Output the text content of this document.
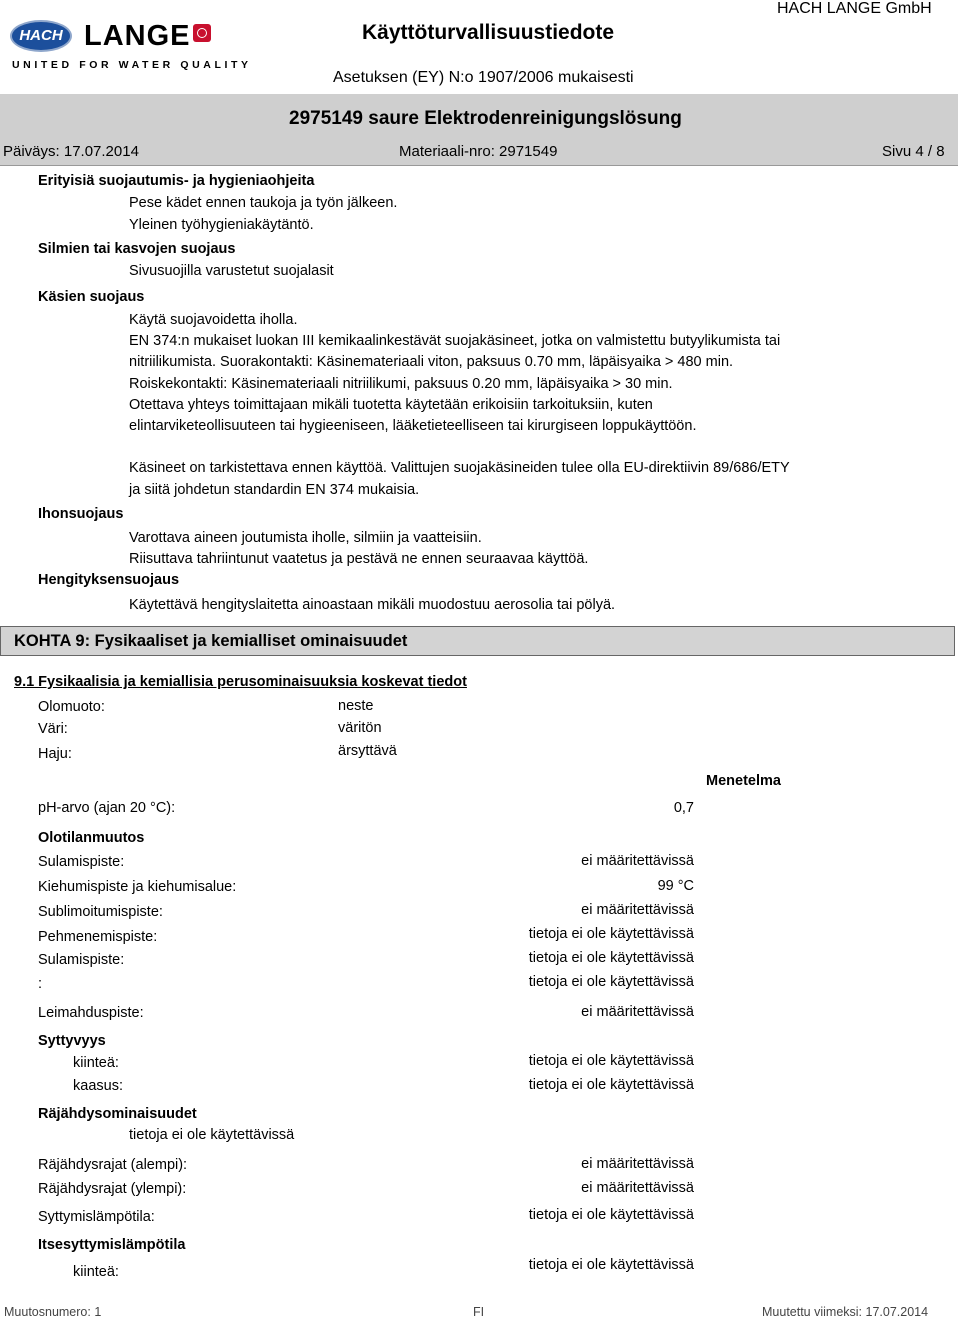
HACH LANGE
UNITED FOR WATER QUALITY
Käyttöturvallisuustiedote
HACH LANGE GmbH
Asetuksen (EY) N:o 1907/2006 mukaisesti
2975149 saure Elektrodenreinigungslösung
Päiväys: 17.07.2014	Materiaali-nro: 2971549	Sivu 4 / 8
Erityisiä suojautumis- ja hygieniaohjeita
Pese kädet ennen taukoja ja työn jälkeen.
Yleinen työhygieniakäytäntö.
Silmien tai kasvojen suojaus
Sivusuojilla varustetut suojalasit
Käsien suojaus
Käytä suojavoidetta iholla.
EN 374:n mukaiset luokan III kemikaalinkestävät suojakäsineet, jotka on valmistettu butyylikumista tai
nitriilikumista. Suorakontakti: Käsinemateriaali viton, paksuus 0.70 mm, läpäisyaika > 480 min.
Roiskekontakti: Käsinemateriaali nitriilikumi, paksuus 0.20 mm, läpäisyaika > 30 min.
Otettava yhteys toimittajaan mikäli tuotetta käytetään erikoisiin tarkoituksiin, kuten
elintarviketeollisuuteen tai hygieeniseen, lääketieteelliseen tai kirurgiseen loppukäyttöön.
Käsineet on tarkistettava ennen käyttöä. Valittujen suojakäsineiden tulee olla EU-direktiivin 89/686/ETY
ja siitä johdetun standardin EN 374 mukaisia.
Ihonsuojaus
Varottava aineen joutumista iholle, silmiin ja vaatteisiin.
Riisuttava tahriintunut vaatetus ja pestävä ne ennen seuraavaa käyttöä.
Hengityksensuojaus
Käytettävä hengityslaitetta ainoastaan mikäli muodostuu aerosolia tai pölyä.
KOHTA 9: Fysikaaliset ja kemialliset ominaisuudet
9.1 Fysikaalisia ja kemiallisia perusominaisuuksia koskevat tiedot
Olomuoto:	neste
Väri:	väritön
Haju:	ärsyttävä
Menetelma
pH-arvo (ajan 20 °C):	0,7
Olotilanmuutos
Sulamispiste:	ei määritettävissä
Kiehumispiste ja kiehumisalue:	99 °C
Sublimoitumispiste:	ei määritettävissä
Pehmenemispiste:	tietoja ei ole käytettävissä
Sulamispiste:	tietoja ei ole käytettävissä
:	tietoja ei ole käytettävissä
Leimahduspiste:	ei määritettävissä
Syttyvyys
kiinteä:	tietoja ei ole käytettävissä
kaasus:	tietoja ei ole käytettävissä
Räjähdysominaisuudet
tietoja ei ole käytettävissä
Räjähdysrajat (alempi):	ei määritettävissä
Räjähdysrajat (ylempi):	ei määritettävissä
Syttymislämpötila:	tietoja ei ole käytettävissä
Itsesyttymislämpötila
kiinteä:	tietoja ei ole käytettävissä
Muutosnumero: 1	FI	Muutettu viimeksi: 17.07.2014
